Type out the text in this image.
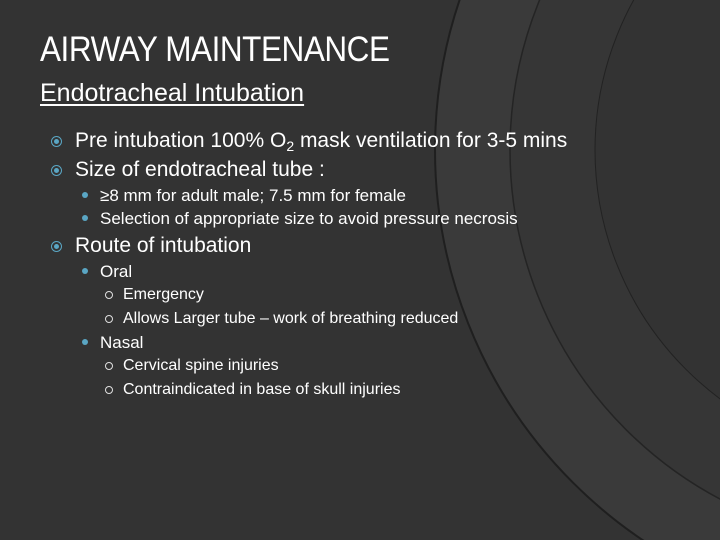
AIRWAY MAINTENANCE
Endotracheal Intubation
Pre intubation 100% $O_2$ mask ventilation for 3-5 mins
Size of endotracheal tube :
≥8 mm for adult male; 7.5 mm for female
Selection of appropriate size to avoid pressure necrosis
Route of intubation
Oral
Emergency
Allows Larger tube – work of breathing reduced
Nasal
Cervical spine injuries
Contraindicated in base of skull injuries
